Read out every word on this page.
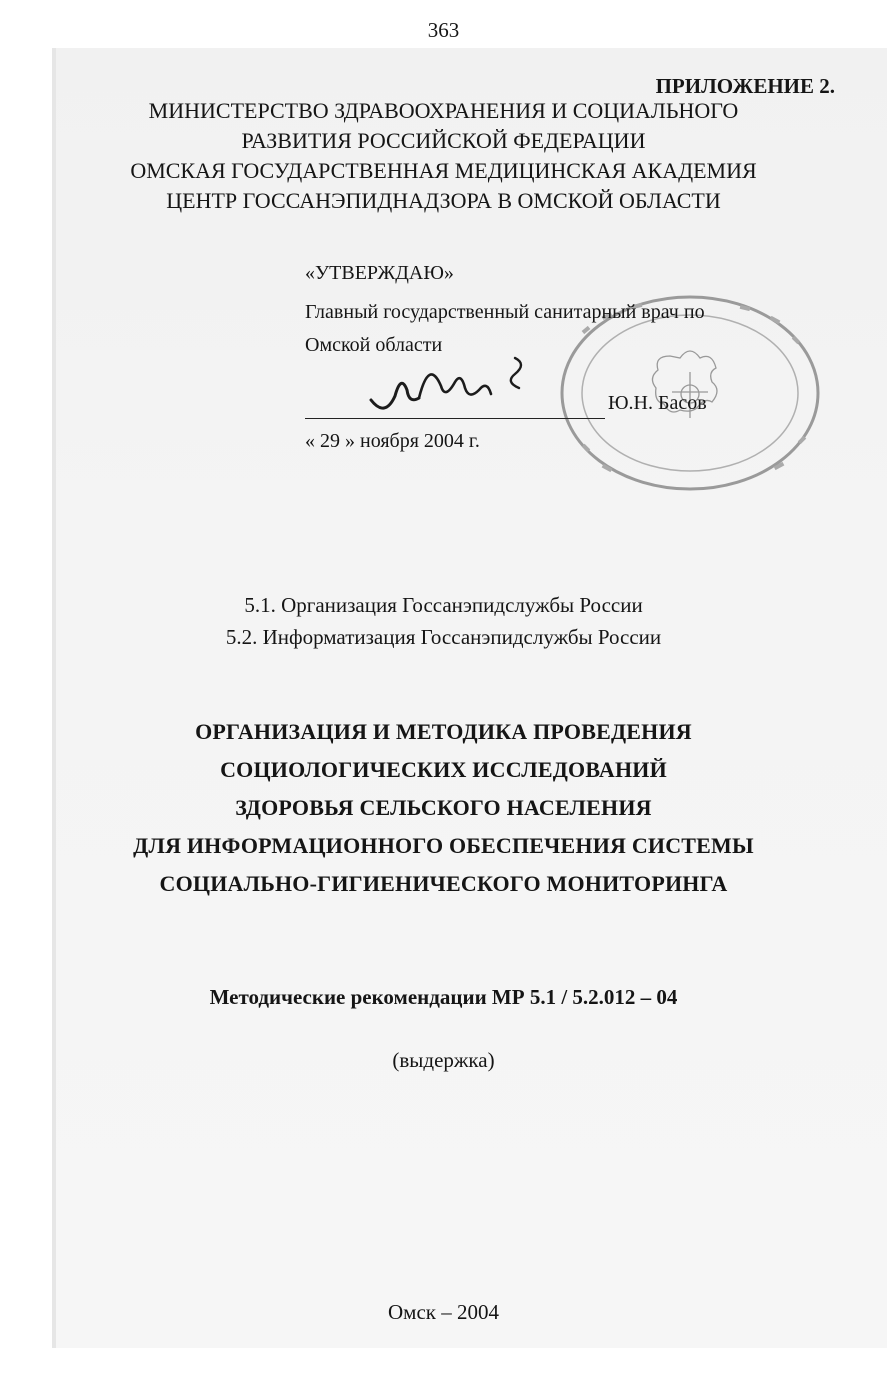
363
ПРИЛОЖЕНИЕ 2.
МИНИСТЕРСТВО ЗДРАВООХРАНЕНИЯ И СОЦИАЛЬНОГО
РАЗВИТИЯ РОССИЙСКОЙ ФЕДЕРАЦИИ
ОМСКАЯ ГОСУДАРСТВЕННАЯ МЕДИЦИНСКАЯ АКАДЕМИЯ
ЦЕНТР ГОССАНЭПИДНАДЗОРА В ОМСКОЙ ОБЛАСТИ
«УТВЕРЖДАЮ»
Главный государственный санитарный врач по
Омской области
Ю.Н. Басов
« 29 » ноября 2004 г.
5.1. Организация Госсанэпидслужбы России
5.2. Информатизация Госсанэпидслужбы России
ОРГАНИЗАЦИЯ И МЕТОДИКА ПРОВЕДЕНИЯ
СОЦИОЛОГИЧЕСКИХ ИССЛЕДОВАНИЙ
ЗДОРОВЬЯ СЕЛЬСКОГО НАСЕЛЕНИЯ
ДЛЯ ИНФОРМАЦИОННОГО ОБЕСПЕЧЕНИЯ СИСТЕМЫ
СОЦИАЛЬНО-ГИГИЕНИЧЕСКОГО МОНИТОРИНГА
Методические рекомендации МР 5.1 / 5.2.012 – 04
(выдержка)
Омск – 2004
